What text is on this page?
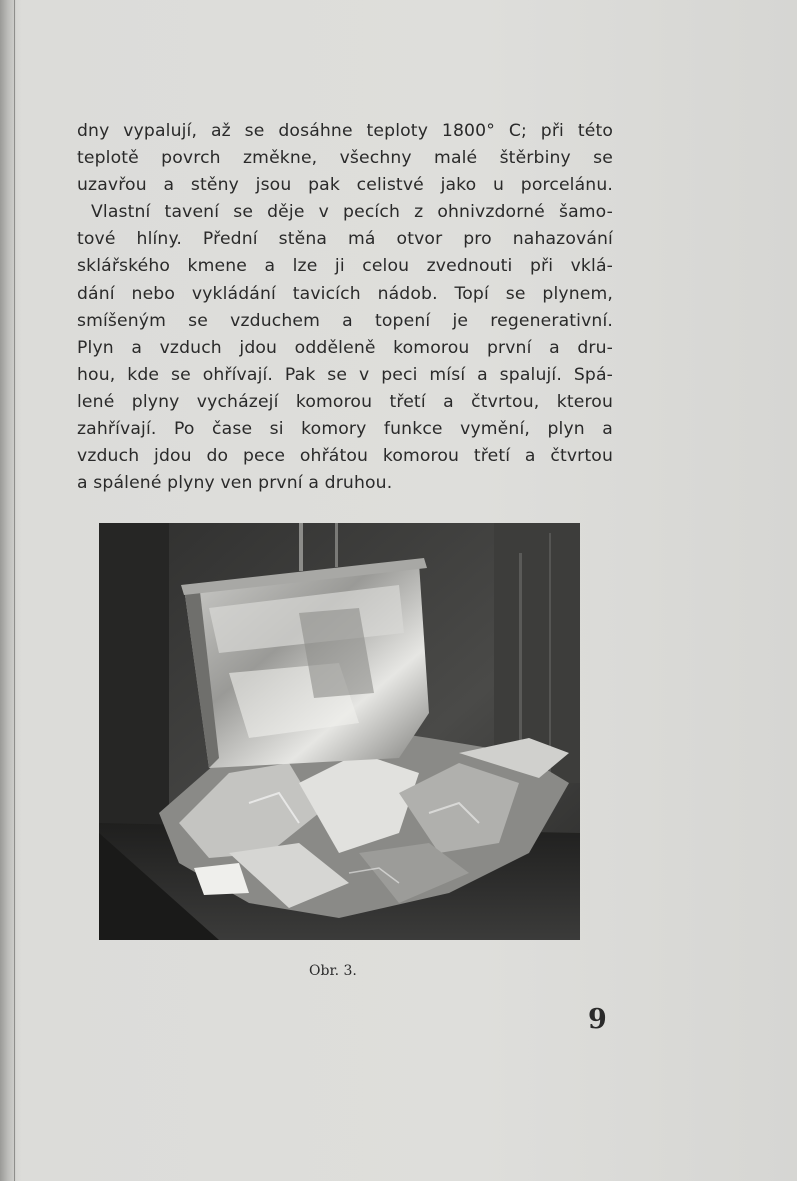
dny vypalují, až se dosáhne teploty 1800° C; při této
teplotě povrch změkne, všechny malé štěrbiny se
uzavřou a stěny jsou pak celistvé jako u porcelánu.
Vlastní tavení se děje v pecích z ohnivzdorné šamo-
tové hlíny. Přední stěna má otvor pro nahazování
sklářského kmene a lze ji celou zvednouti při vklá-
dání nebo vykládání tavicích nádob. Topí se plynem,
smíšeným se vzduchem a topení je regenerativní.
Plyn a vzduch jdou odděleně komorou první a dru-
hou, kde se ohřívají. Pak se v peci mísí a spalují. Spá-
lené plyny vycházejí komorou třetí a čtvrtou, kterou
zahřívají. Po čase si komory funkce vymění, plyn a
vzduch jdou do pece ohřátou komorou třetí a čtvrtou
a spálené plyny ven první a druhou.
Obr. 3.
9
